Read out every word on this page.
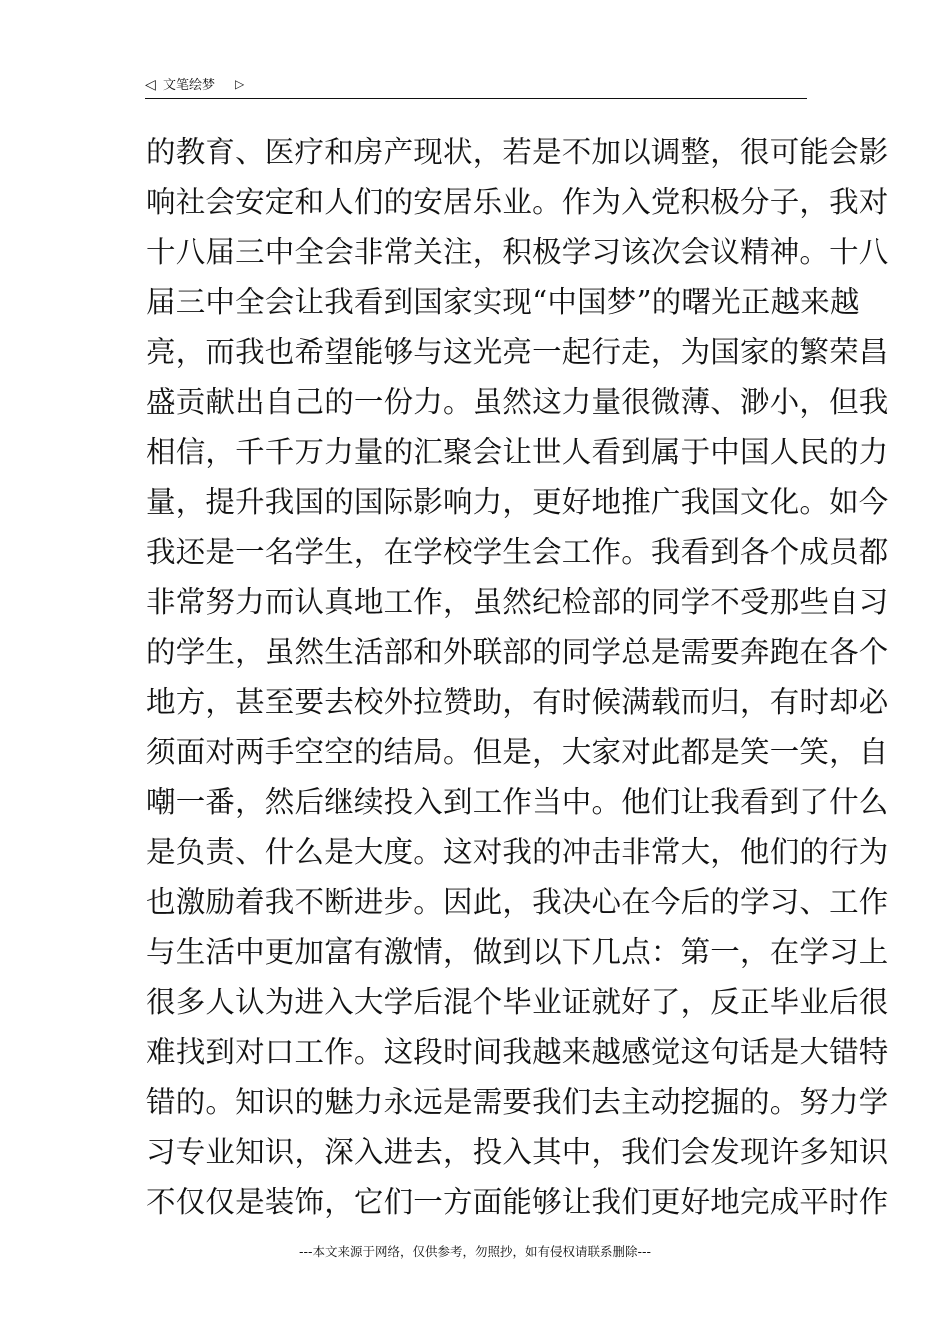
◁ 文笔绘梦 ▷
的教育、医疗和房产现状，若是不加以调整，很可能会影
响社会安定和人们的安居乐业。作为入党积极分子，我对
十八届三中全会非常关注，积极学习该次会议精神。十八
届三中全会让我看到国家实现“中国梦”的曙光正越来越
亮，而我也希望能够与这光亮一起行走，为国家的繁荣昌
盛贡献出自己的一份力。虽然这力量很微薄、渺小，但我
相信，千千万力量的汇聚会让世人看到属于中国人民的力
量，提升我国的国际影响力，更好地推广我国文化。如今
我还是一名学生，在学校学生会工作。我看到各个成员都
非常努力而认真地工作，虽然纪检部的同学不受那些自习
的学生，虽然生活部和外联部的同学总是需要奔跑在各个
地方，甚至要去校外拉赞助，有时候满载而归，有时却必
须面对两手空空的结局。但是，大家对此都是笑一笑，自
嘲一番，然后继续投入到工作当中。他们让我看到了什么
是负责、什么是大度。这对我的冲击非常大，他们的行为
也激励着我不断进步。因此，我决心在今后的学习、工作
与生活中更加富有激情，做到以下几点：第一，在学习上
很多人认为进入大学后混个毕业证就好了，反正毕业后很
难找到对口工作。这段时间我越来越感觉这句话是大错特
错的。知识的魅力永远是需要我们去主动挖掘的。努力学
习专业知识，深入进去，投入其中，我们会发现许多知识
不仅仅是装饰，它们一方面能够让我们更好地完成平时作
---本文来源于网络，仅供参考，勿照抄，如有侵权请联系删除---
